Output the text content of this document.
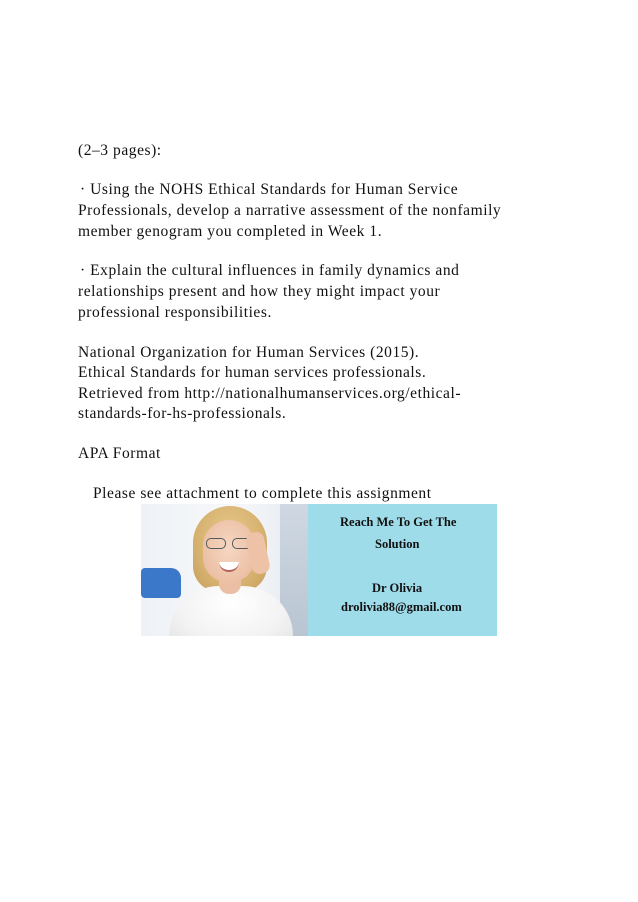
(2–3 pages):
· Using the NOHS Ethical Standards for Human Service
Professionals, develop a narrative assessment of the nonfamily
member genogram you completed in Week 1.
· Explain the cultural influences in family dynamics and
relationships present and how they might impact your
professional responsibilities.
National Organization for Human Services (2015).
Ethical Standards for human services professionals.
Retrieved from http://nationalhumanservices.org/ethical-
standards-for-hs-professionals.
APA Format
Please see attachment to complete this assignment
Reach Me To Get The
Solution
Dr Olivia
drolivia88@gmail.com
